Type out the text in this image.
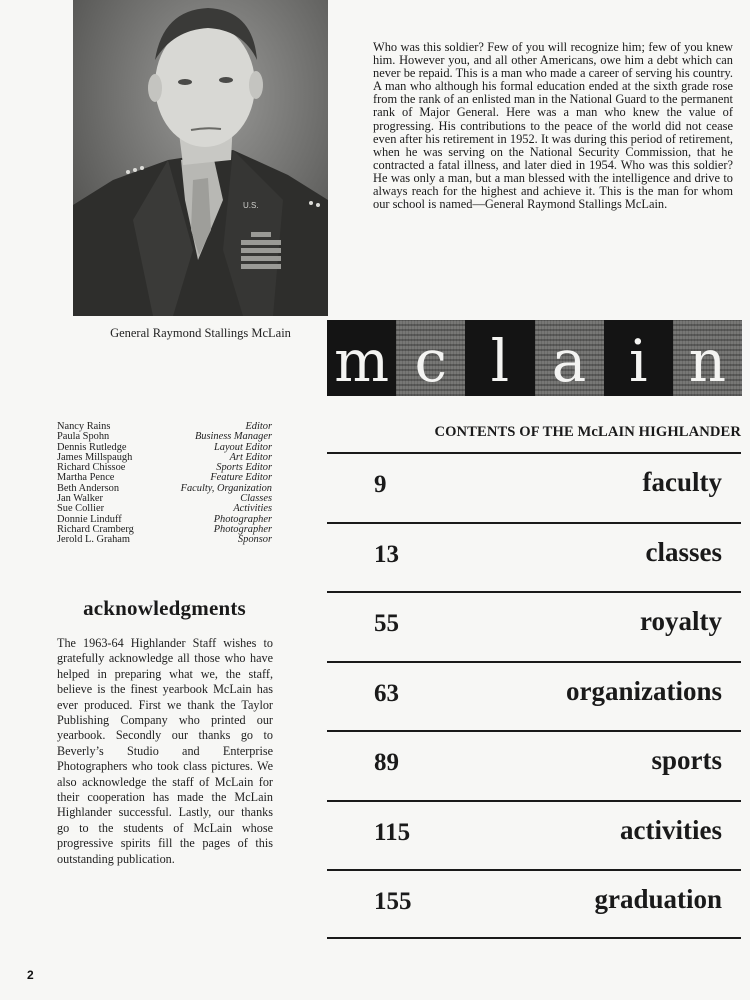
U.S.
General Raymond Stallings McLain

Who was this soldier? Few of you will recognize him; few of you knew him. However you, and all other Americans, owe him a debt which can never be repaid. This is a man who made a career of serving his country. A man who although his formal education ended at the sixth grade rose from the rank of an enlisted man in the National Guard to the permanent rank of Major General. Here was a man who knew the value of progressing. His contributions to the peace of the world did not cease even after his retirement in 1952. It was during this period of retirement, when he was serving on the National Security Commission, that he contracted a fatal illness, and later died in 1954. Who was this soldier? He was only a man, but a man blessed with the intelligence and drive to always reach for the highest and achieve it. This is the man for whom our school is named—General Raymond Stallings McLain.

m c l a i n
Nancy Rains	Editor
Paula Spohn	Business Manager
Dennis Rutledge	Layout Editor
James Millspaugh	Art Editor
Richard Chissoe	Sports Editor
Martha Pence	Feature Editor
Beth Anderson	Faculty, Organization
Jan Walker	Classes
Sue Collier	Activities
Donnie Linduff	Photographer
Richard Cramberg	Photographer
Jerold L. Graham	Sponsor
acknowledgments

The 1963-64 Highlander Staff wishes to gratefully acknowledge all those who have helped in preparing what we, the staff, believe is the finest yearbook McLain has ever produced. First we thank the Taylor Publishing Company who printed our yearbook. Secondly our thanks go to Beverly’s Studio and Enterprise Photographers who took class pictures. We also acknowledge the staff of McLain for their cooperation has made the McLain Highlander successful. Lastly, our thanks go to the students of McLain whose progressive spirits fill the pages of this outstanding publication.

CONTENTS OF THE McLAIN HIGHLANDER
9	faculty
13	classes
55	royalty
63	organizations
89	sports
115	activities
155	graduation
2
